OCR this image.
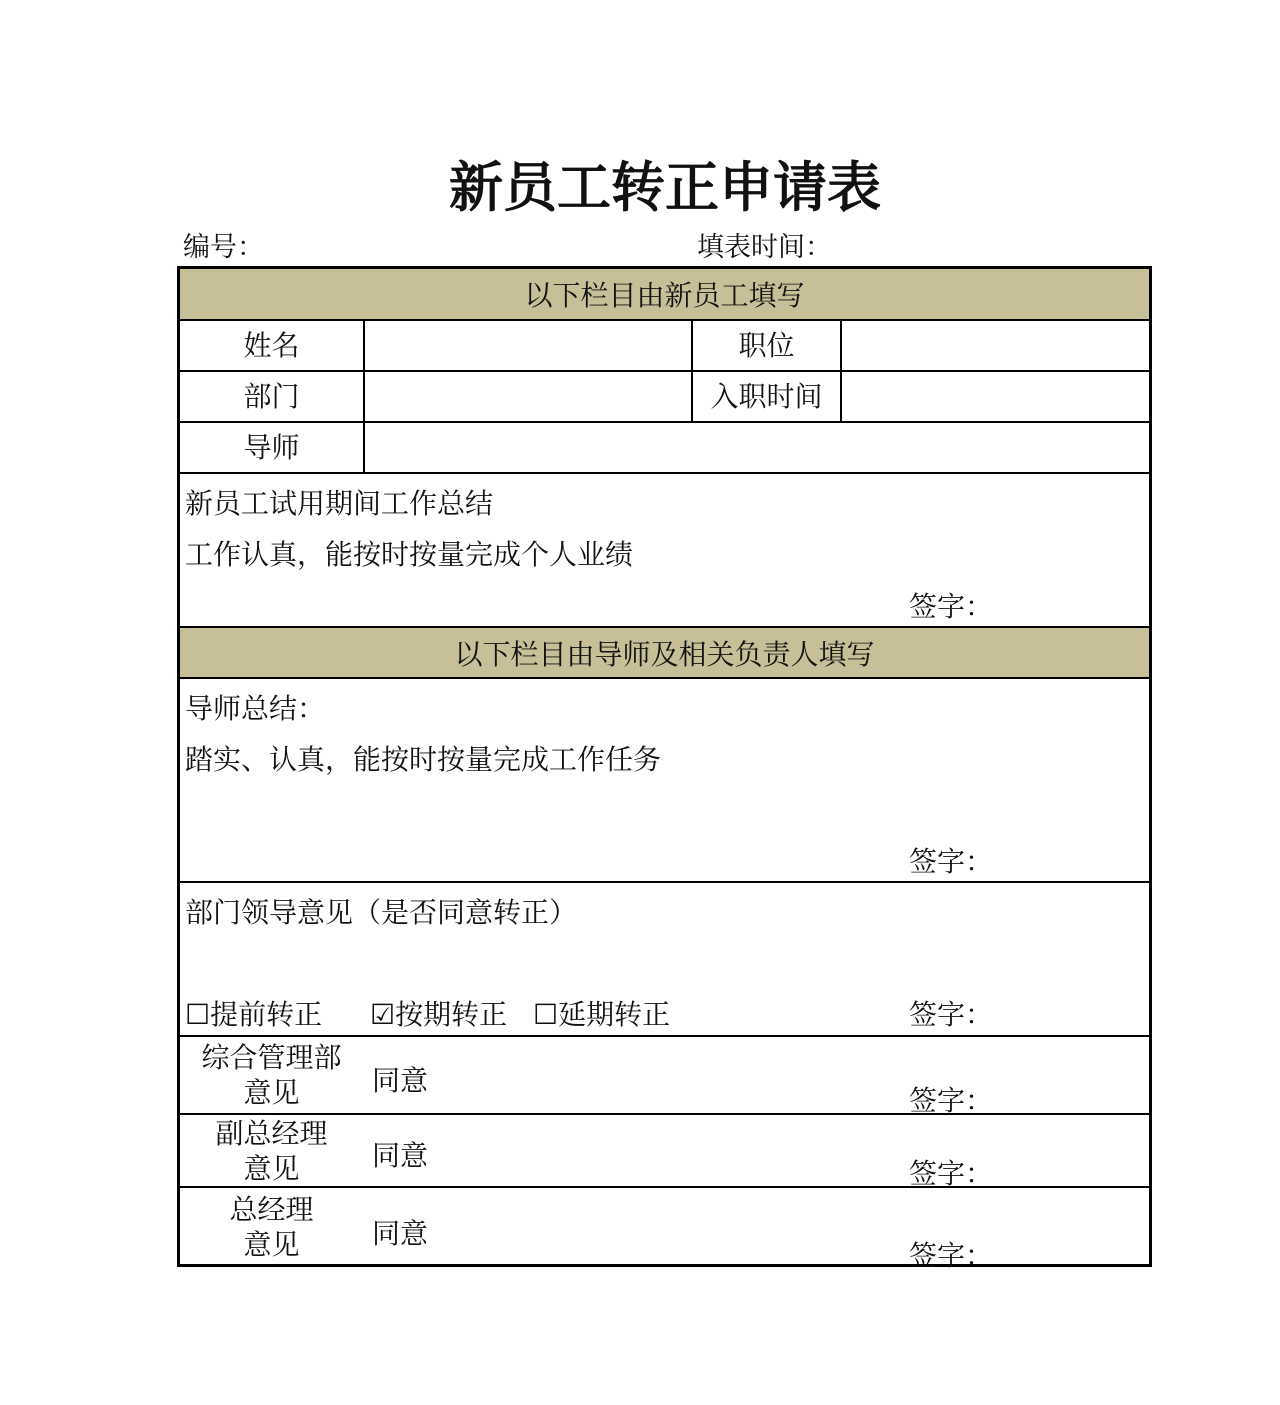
新员工转正申请表
编号：	填表时间：
以下栏目由新员工填写
姓名	职位
部门	入职时间
导师
新员工试用期间工作总结
工作认真，能按时按量完成个人业绩
签字：
以下栏目由导师及相关负责人填写
导师总结：
踏实、认真，能按时按量完成工作任务
签字：
部门领导意见（是否同意转正）
☐提前转正 ☑按期转正 ☐延期转正	签字：
综合管理部
意见	同意
签字：
副总经理
意见	同意
签字：
总经理
意见	同意
签字：
